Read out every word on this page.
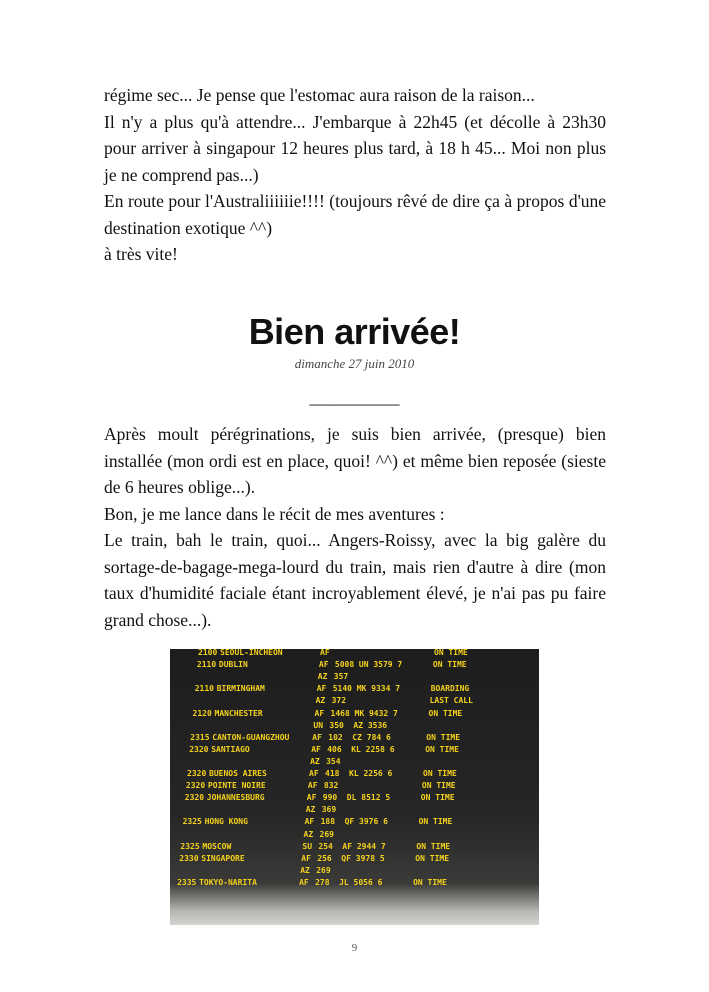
régime sec... Je pense que l'estomac aura raison de la raison...
Il n'y a plus qu'à attendre... J'embarque à 22h45 (et décolle à 23h30 pour arriver à singapour 12 heures plus tard, à 18 h 45... Moi non plus je ne comprend pas...)
En route pour l'Australiiiiiie!!!! (toujours rêvé de dire ça à propos d'une destination exotique ^^)
à très vite!
Bien arrivée!
dimanche 27 juin 2010
__________
Après moult pérégrinations, je suis bien arrivée, (presque) bien installée (mon ordi est en place, quoi! ^^) et même bien reposée (sieste de 6 heures oblige...).
Bon, je me lance dans le récit de mes aventures :
Le train, bah le train, quoi... Angers-Roissy, avec la big galère du sortage-de-bagage-mega-lourd du train, mais rien d'autre à dire (mon taux d'humidité faciale étant incroyablement élevé, je n'ai pas pu faire grand chose...).
2100 SEOUL-INCHEON	AF	ON TIME
2110 DUBLIN	AF 5008 UN 3579 7	ON TIME
AZ 357
2110 BIRMINGHAM	AF 5140 MK 9334 7	BOARDING
AZ 372	LAST CALL
2120 MANCHESTER	AF 1468 MK 9432 7	ON TIME
UN 350 AZ 3536
2315 CANTON-GUANGZHOU	AF 102 CZ 784 6	ON TIME
2320 SANTIAGO	AF 406 KL 2258 6	ON TIME
AZ 354
2320 BUENOS AIRES	AF 418 KL 2256 6	ON TIME
2320 POINTE NOIRE	AF 832	ON TIME
2320 JOHANNESBURG	AF 990 DL 8512 5	ON TIME
AZ 369
2325 HONG KONG	AF 188 QF 3976 6	ON TIME
AZ 269
2325 MOSCOW	SU 254 AF 2944 7	ON TIME
2330 SINGAPORE	AF 256 QF 3978 5	ON TIME
AZ 269
2335 TOKYO-NARITA	AF 278 JL 5056 6	ON TIME
9
